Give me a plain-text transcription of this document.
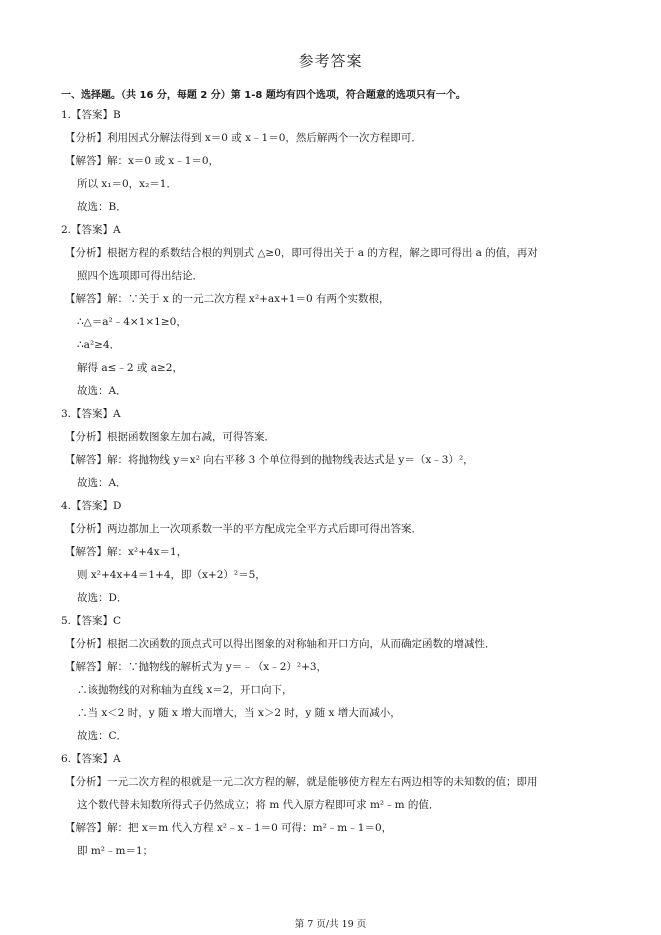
参考答案
一、选择题。（共 16 分，每题 2 分）第 1-8 题均有四个选项，符合题意的选项只有一个。
1.【答案】B
【分析】利用因式分解法得到 x＝0 或 x﹣1＝0，然后解两个一次方程即可．
【解答】解：x＝0 或 x﹣1＝0，
所以 x₁＝0，x₂＝1．
故选：B．
2.【答案】A
【分析】根据方程的系数结合根的判别式 △≥0，即可得出关于 a 的方程，解之即可得出 a 的值，再对
照四个选项即可得出结论．
【解答】解：∵关于 x 的一元二次方程 x²+ax+1＝0 有两个实数根，
∴△＝a²﹣4×1×1≥0，
∴a²≥4．
解得 a≤﹣2 或 a≥2，
故选：A．
3.【答案】A
【分析】根据函数图象左加右减，可得答案．
【解答】解：将抛物线 y＝x² 向右平移 3 个单位得到的抛物线表达式是 y＝（x﹣3）²，
故选：A．
4.【答案】D
【分析】两边都加上一次项系数一半的平方配成完全平方式后即可得出答案．
【解答】解：x²+4x＝1，
则 x²+4x+4＝1+4，即（x+2）²＝5，
故选：D．
5.【答案】C
【分析】根据二次函数的顶点式可以得出图象的对称轴和开口方向，从而确定函数的增减性．
【解答】解：∵抛物线的解析式为 y＝﹣（x﹣2）²+3，
∴该抛物线的对称轴为直线 x＝2，开口向下，
∴当 x＜2 时，y 随 x 增大而增大，当 x＞2 时，y 随 x 增大而减小，
故选：C．
6.【答案】A
【分析】一元二次方程的根就是一元二次方程的解，就是能够使方程左右两边相等的未知数的值；即用
这个数代替未知数所得式子仍然成立；将 m 代入原方程即可求 m²﹣m 的值．
【解答】解：把 x＝m 代入方程 x²﹣x﹣1＝0 可得：m²﹣m﹣1＝0，
即 m²﹣m＝1；
第 7 页/共 19 页
